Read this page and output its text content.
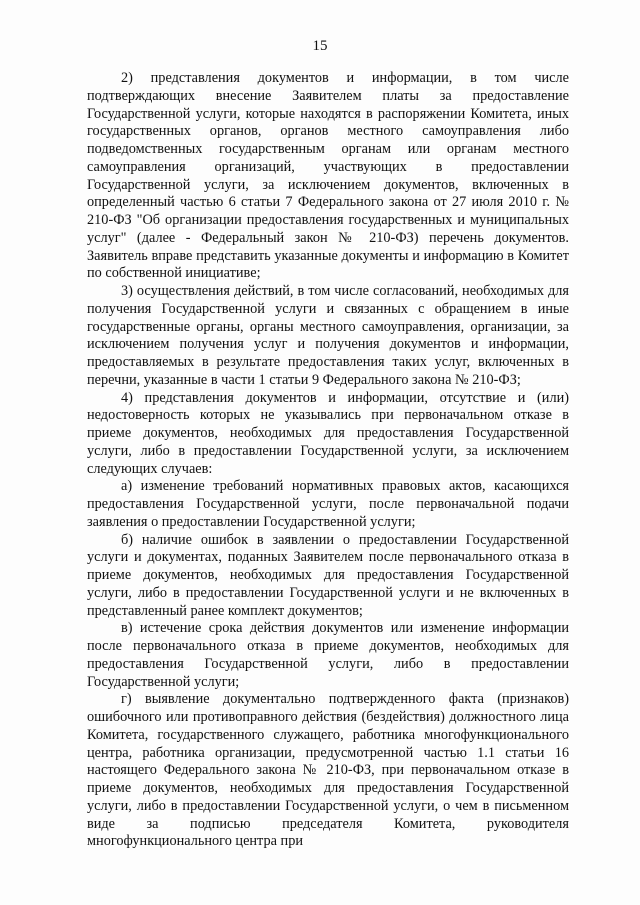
15

2) представления документов и информации, в том числе подтверждающих внесение Заявителем платы за предоставление Государственной услуги, которые находятся в распоряжении Комитета, иных государственных органов, органов местного самоуправления либо подведомственных государственным органам или органам местного самоуправления организаций, участвующих в предоставлении Государственной услуги, за исключением документов, включенных в определенный частью 6 статьи 7 Федерального закона от 27 июля 2010 г. № 210-ФЗ "Об организации предоставления государственных и муниципальных услуг" (далее - Федеральный закон № 210-ФЗ) перечень документов. Заявитель вправе представить указанные документы и информацию в Комитет по собственной инициативе;

3) осуществления действий, в том числе согласований, необходимых для получения Государственной услуги и связанных с обращением в иные государственные органы, органы местного самоуправления, организации, за исключением получения услуг и получения документов и информации, предоставляемых в результате предоставления таких услуг, включенных в перечни, указанные в части 1 статьи 9 Федерального закона № 210-ФЗ;

4) представления документов и информации, отсутствие и (или) недостоверность которых не указывались при первоначальном отказе в приеме документов, необходимых для предоставления Государственной услуги, либо в предоставлении Государственной услуги, за исключением следующих случаев:

а) изменение требований нормативных правовых актов, касающихся предоставления Государственной услуги, после первоначальной подачи заявления о предоставлении Государственной услуги;

б) наличие ошибок в заявлении о предоставлении Государственной услуги и документах, поданных Заявителем после первоначального отказа в приеме документов, необходимых для предоставления Государственной услуги, либо в предоставлении Государственной услуги и не включенных в представленный ранее комплект документов;

в) истечение срока действия документов или изменение информации после первоначального отказа в приеме документов, необходимых для предоставления Государственной услуги, либо в предоставлении Государственной услуги;

г) выявление документально подтвержденного факта (признаков) ошибочного или противоправного действия (бездействия) должностного лица Комитета, государственного служащего, работника многофункционального центра, работника организации, предусмотренной частью 1.1 статьи 16 настоящего Федерального закона № 210-ФЗ, при первоначальном отказе в приеме документов, необходимых для предоставления Государственной услуги, либо в предоставлении Государственной услуги, о чем в письменном виде за подписью председателя Комитета, руководителя многофункционального центра при
